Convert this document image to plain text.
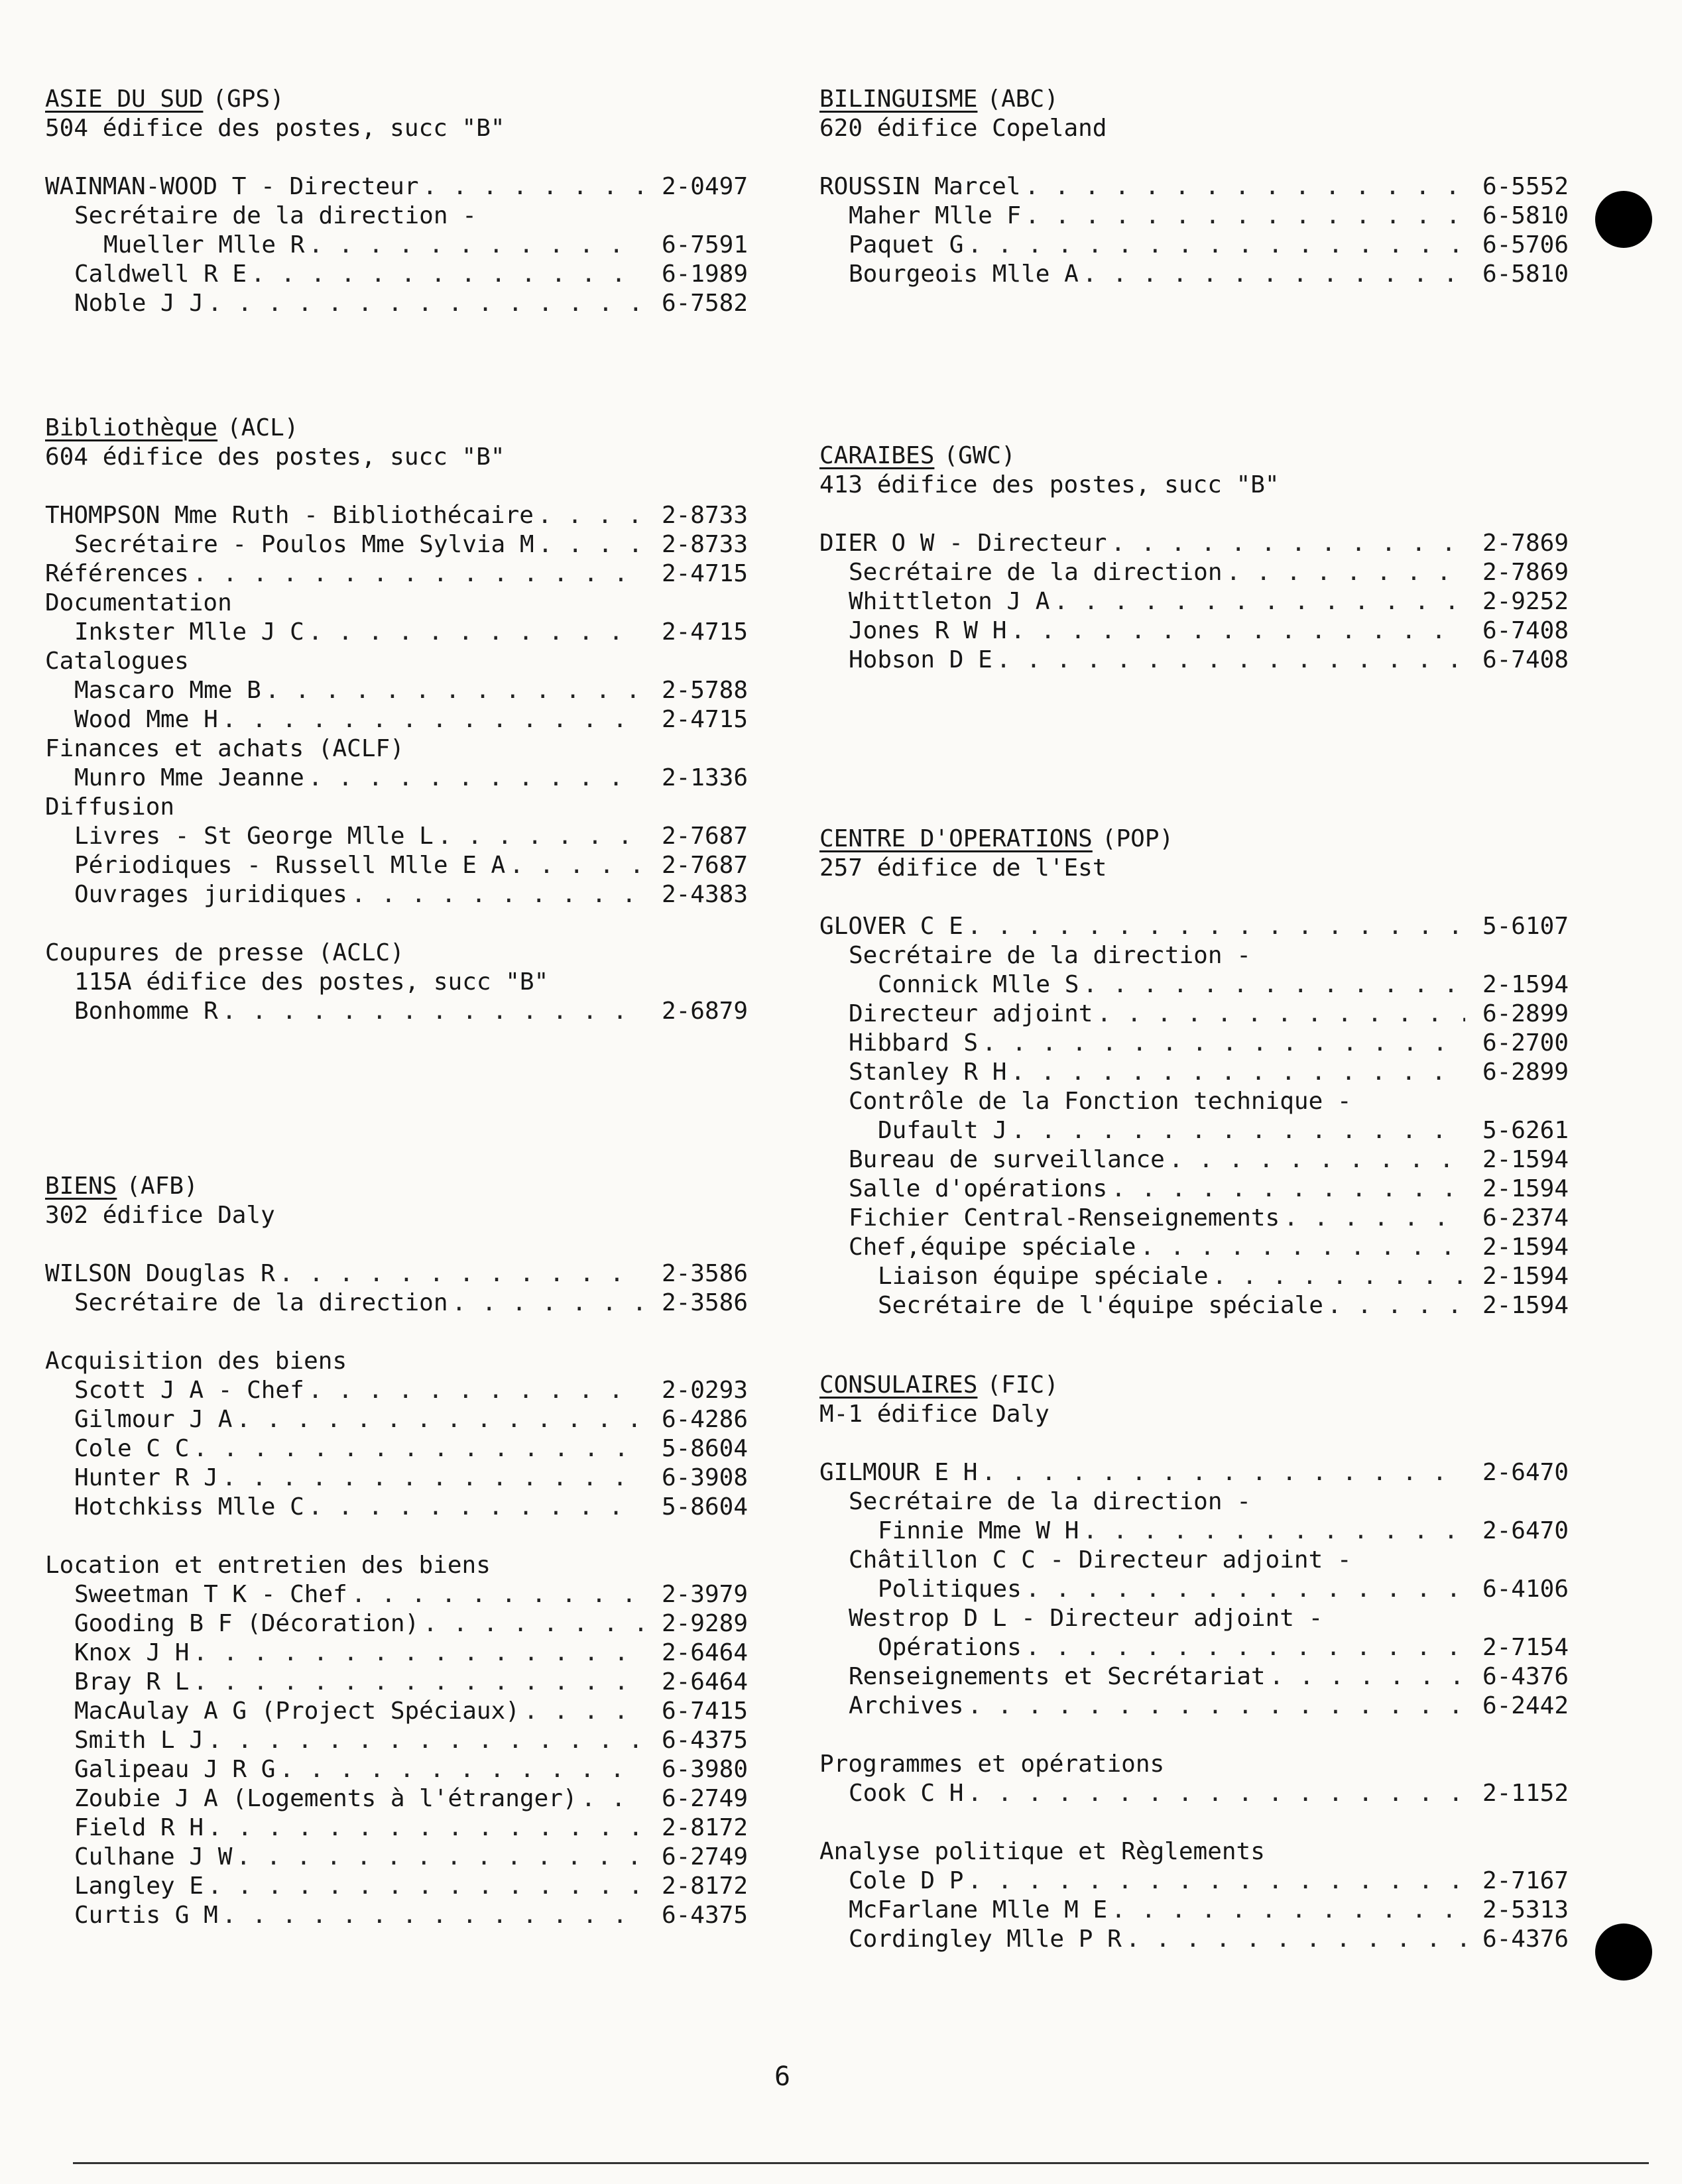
ASIE DU SUD (GPS)
504 édifice des postes, succ "B"
WAINMAN-WOOD T - Directeur . . .	2-0497
Secrétaire de la direction -
Mueller Mlle R . . .	6-7591
Caldwell R E . . .	6-1989
Noble J J . . .	6-7582
Bibliothèque (ACL)
604 édifice des postes, succ "B"
THOMPSON Mme Ruth - Bibliothécaire . . .	2-8733
Secrétaire - Poulos Mme Sylvia M . . .	2-8733
Références . . .	2-4715
Documentation
Inkster Mlle J C . . .	2-4715
Catalogues
Mascaro Mme B . . .	2-5788
Wood Mme H . . .	2-4715
Finances et achats (ACLF)
Munro Mme Jeanne . . .	2-1336
Diffusion
Livres - St George Mlle L . . .	2-7687
Périodiques - Russell Mlle E A . . .	2-7687
Ouvrages juridiques . . .	2-4383
Coupures de presse (ACLC)
115A édifice des postes, succ "B"
Bonhomme R . . .	2-6879
BIENS (AFB)
302 édifice Daly
WILSON Douglas R . . .	2-3586
Secrétaire de la direction . . .	2-3586
Acquisition des biens
Scott J A - Chef . . .	2-0293
Gilmour J A . . .	6-4286
Cole C C . . .	5-8604
Hunter R J . . .	6-3908
Hotchkiss Mlle C . . .	5-8604
Location et entretien des biens
Sweetman T K - Chef . . .	2-3979
Gooding B F (Décoration) . . .	2-9289
Knox J H . . .	2-6464
Bray R L . . .	2-6464
MacAulay A G (Project Spéciaux) . . .	6-7415
Smith L J . . .	6-4375
Galipeau J R G . . .	6-3980
Zoubie J A (Logements à l'étranger) . . .	6-2749
Field R H . . .	2-8172
Culhane J W . . .	6-2749
Langley E . . .	2-8172
Curtis G M . . .	6-4375
BILINGUISME (ABC)
620 édifice Copeland
ROUSSIN Marcel . . .	6-5552
Maher Mlle F . . .	6-5810
Paquet G . . .	6-5706
Bourgeois Mlle A . . .	6-5810
CARAIBES (GWC)
413 édifice des postes, succ "B"
DIER O W - Directeur . . .	2-7869
Secrétaire de la direction . . .	2-7869
Whittleton J A . . .	2-9252
Jones R W H . . .	6-7408
Hobson D E . . .	6-7408
CENTRE D'OPERATIONS (POP)
257 édifice de l'Est
GLOVER C E . . .	5-6107
Secrétaire de la direction -
Connick Mlle S . . .	2-1594
Directeur adjoint . . .	6-2899
Hibbard S . . .	6-2700
Stanley R H . . .	6-2899
Contrôle de la Fonction technique -
Dufault J . . .	5-6261
Bureau de surveillance . . .	2-1594
Salle d'opérations . . .	2-1594
Fichier Central-Renseignements . . .	6-2374
Chef,équipe spéciale . . .	2-1594
Liaison équipe spéciale . . .	2-1594
Secrétaire de l'équipe spéciale . . .	2-1594
CONSULAIRES (FIC)
M-1 édifice Daly
GILMOUR E H . . .	2-6470
Secrétaire de la direction -
Finnie Mme W H . . .	2-6470
Châtillon C C - Directeur adjoint -
Politiques . . .	6-4106
Westrop D L - Directeur adjoint -
Opérations . . .	2-7154
Renseignements et Secrétariat . . .	6-4376
Archives . . .	6-2442
Programmes et opérations
Cook C H . . .	2-1152
Analyse politique et Règlements
Cole D P . . .	2-7167
McFarlane Mlle M E . . .	2-5313
Cordingley Mlle P R . . .	6-4376
6
